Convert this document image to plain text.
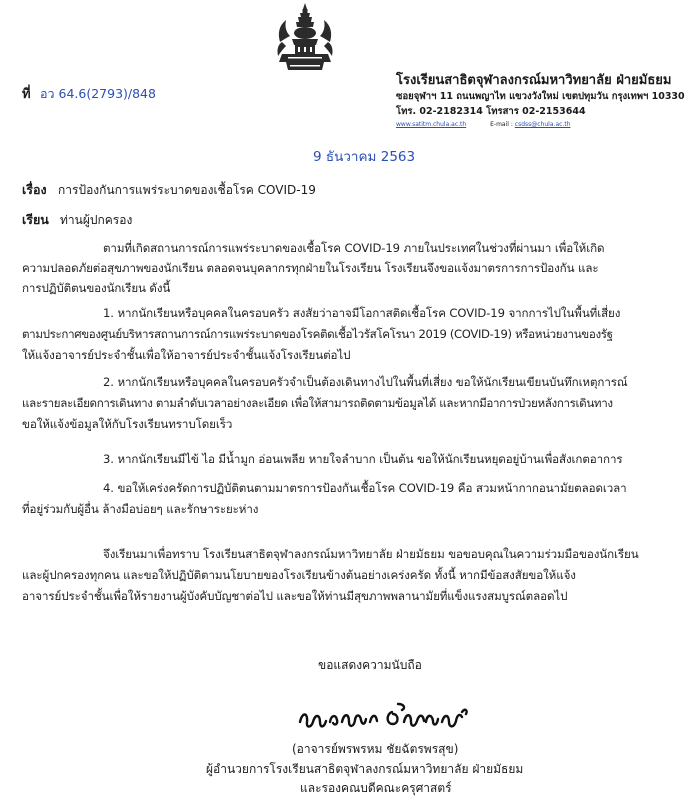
ที่ อว 64.6(2793)/848
โรงเรียนสาธิตจุฬาลงกรณ์มหาวิทยาลัย ฝ่ายมัธยม
ซอยจุฬาฯ 11 ถนนพญาไท แขวงวังใหม่ เขตปทุมวัน กรุงเทพฯ 10330
โทร. 02-2182314 โทรสาร 02-2153644
www.satitm.chula.ac.th	E-mail : csdss@chula.ac.th
9 ธันวาคม 2563
เรื่อง การป้องกันการแพร่ระบาดของเชื้อโรค COVID-19
เรียน ท่านผู้ปกครอง
ตามที่เกิดสถานการณ์การแพร่ระบาดของเชื้อโรค COVID-19 ภายในประเทศในช่วงที่ผ่านมา เพื่อให้เกิด
ความปลอดภัยต่อสุขภาพของนักเรียน ตลอดจนบุคลากรทุกฝ่ายในโรงเรียน โรงเรียนจึงขอแจ้งมาตรการการป้องกัน และ
การปฏิบัติตนของนักเรียน ดังนี้
1. หากนักเรียนหรือบุคคลในครอบครัว สงสัยว่าอาจมีโอกาสติดเชื้อโรค COVID-19 จากการไปในพื้นที่เสี่ยง
ตามประกาศของศูนย์บริหารสถานการณ์การแพร่ระบาดของโรคติดเชื้อไวรัสโคโรนา 2019 (COVID-19) หรือหน่วยงานของรัฐ
ให้แจ้งอาจารย์ประจำชั้นเพื่อให้อาจารย์ประจำชั้นแจ้งโรงเรียนต่อไป
2. หากนักเรียนหรือบุคคลในครอบครัวจำเป็นต้องเดินทางไปในพื้นที่เสี่ยง ขอให้นักเรียนเขียนบันทึกเหตุการณ์
และรายละเอียดการเดินทาง ตามลำดับเวลาอย่างละเอียด เพื่อให้สามารถติดตามข้อมูลได้ และหากมีอาการป่วยหลังการเดินทาง
ขอให้แจ้งข้อมูลให้กับโรงเรียนทราบโดยเร็ว
3. หากนักเรียนมีไข้ ไอ มีน้ำมูก อ่อนเพลีย หายใจลำบาก เป็นต้น ขอให้นักเรียนหยุดอยู่บ้านเพื่อสังเกตอาการ
4. ขอให้เคร่งครัดการปฏิบัติตนตามมาตรการป้องกันเชื้อโรค COVID-19 คือ สวมหน้ากากอนามัยตลอดเวลา
ที่อยู่ร่วมกับผู้อื่น ล้างมือบ่อยๆ และรักษาระยะห่าง
จึงเรียนมาเพื่อทราบ โรงเรียนสาธิตจุฬาลงกรณ์มหาวิทยาลัย ฝ่ายมัธยม ขอขอบคุณในความร่วมมือของนักเรียน
และผู้ปกครองทุกคน และขอให้ปฏิบัติตามนโยบายของโรงเรียนข้างต้นอย่างเคร่งครัด ทั้งนี้ หากมีข้อสงสัยขอให้แจ้ง
อาจารย์ประจำชั้นเพื่อให้รายงานผู้บังคับบัญชาต่อไป และขอให้ท่านมีสุขภาพพลานามัยที่แข็งแรงสมบูรณ์ตลอดไป
ขอแสดงความนับถือ
พรพหม ชัยฉัตรพรสุข
(อาจารย์พรพรหม ชัยฉัตรพรสุข)
ผู้อำนวยการโรงเรียนสาธิตจุฬาลงกรณ์มหาวิทยาลัย ฝ่ายมัธยม
และรองคณบดีคณะครุศาสตร์
